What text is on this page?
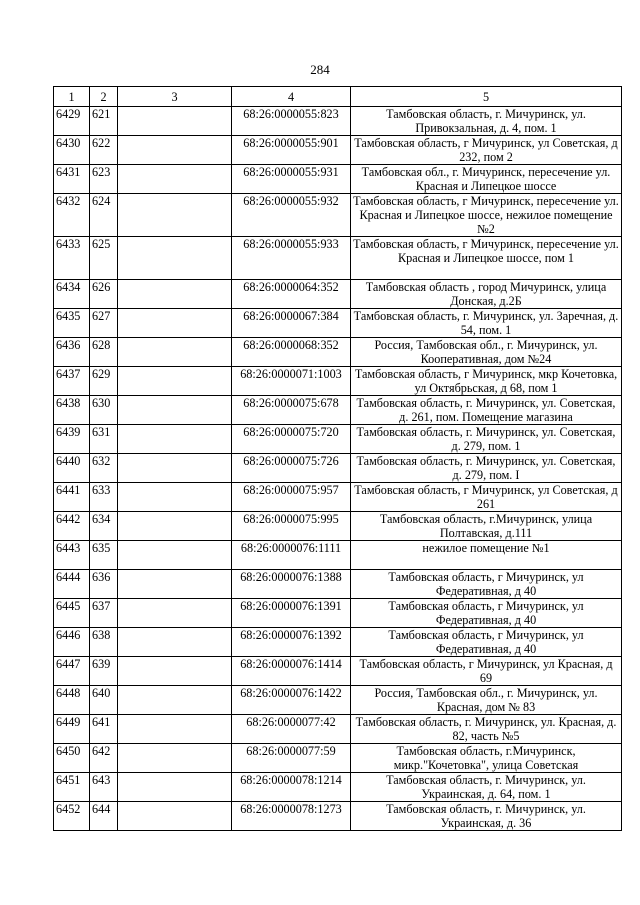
284
1	2	3	4	5
6429	621		68:26:0000055:823	Тамбовская область, г. Мичуринск, ул. Привокзальная, д. 4, пом. 1
6430	622		68:26:0000055:901	Тамбовская область, г Мичуринск, ул Советская, д 232, пом 2
6431	623		68:26:0000055:931	Тамбовская обл., г. Мичуринск, пересечение ул. Красная и Липецкое шоссе
6432	624		68:26:0000055:932	Тамбовская область, г Мичуринск, пересечение ул. Красная и Липецкое шоссе, нежилое помещение №2
6433	625		68:26:0000055:933	Тамбовская область, г Мичуринск, пересечение ул. Красная и Липецкое шоссе, пом 1
6434	626		68:26:0000064:352	Тамбовская область , город Мичуринск, улица Донская, д.2Б
6435	627		68:26:0000067:384	Тамбовская область, г. Мичуринск, ул. Заречная, д. 54, пом. 1
6436	628		68:26:0000068:352	Россия, Тамбовская обл., г. Мичуринск, ул. Кооперативная, дом №24
6437	629		68:26:0000071:1003	Тамбовская область, г Мичуринск, мкр Кочетовка, ул Октябрьская, д 68, пом 1
6438	630		68:26:0000075:678	Тамбовская область, г. Мичуринск, ул. Советская, д. 261, пом. Помещение магазина
6439	631		68:26:0000075:720	Тамбовская область, г. Мичуринск, ул. Советская, д. 279, пом. 1
6440	632		68:26:0000075:726	Тамбовская область, г. Мичуринск, ул. Советская, д. 279, пом. I
6441	633		68:26:0000075:957	Тамбовская область, г Мичуринск, ул Советская, д 261
6442	634		68:26:0000075:995	Тамбовская область, г.Мичуринск, улица Полтавская, д.111
6443	635		68:26:0000076:1111	нежилое помещение №1
6444	636		68:26:0000076:1388	Тамбовская область, г Мичуринск, ул Федеративная, д 40
6445	637		68:26:0000076:1391	Тамбовская область, г Мичуринск, ул Федеративная, д 40
6446	638		68:26:0000076:1392	Тамбовская область, г Мичуринск, ул Федеративная, д 40
6447	639		68:26:0000076:1414	Тамбовская область, г Мичуринск, ул Красная, д 69
6448	640		68:26:0000076:1422	Россия, Тамбовская обл., г. Мичуринск, ул. Красная, дом № 83
6449	641		68:26:0000077:42	Тамбовская область, г. Мичуринск, ул. Красная, д. 82, часть №5
6450	642		68:26:0000077:59	Тамбовская область, г.Мичуринск, микр."Кочетовка", улица Советская
6451	643		68:26:0000078:1214	Тамбовская область, г. Мичуринск, ул. Украинская, д. 64, пом. 1
6452	644		68:26:0000078:1273	Тамбовская область, г. Мичуринск, ул. Украинская, д. 36
